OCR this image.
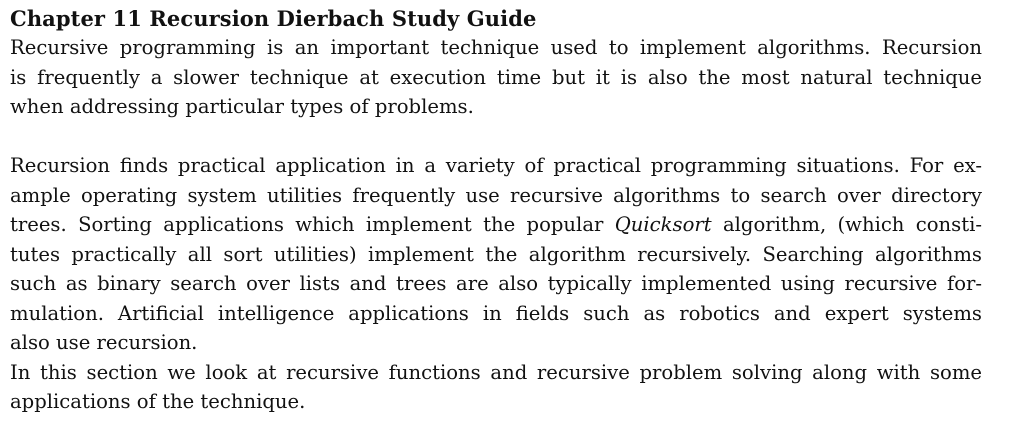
Chapter 11 Recursion Dierbach Study Guide

Recursive programming is an important technique used to implement algorithms. Recursion
is frequently a slower technique at execution time but it is also the most natural technique
when addressing particular types of problems.

Recursion finds practical application in a variety of practical programming situations. For ex-
ample operating system utilities frequently use recursive algorithms to search over directory
trees. Sorting applications which implement the popular Quicksort algorithm, (which consti-
tutes practically all sort utilities) implement the algorithm recursively. Searching algorithms
such as binary search over lists and trees are also typically implemented using recursive for-
mulation. Artificial intelligence applications in fields such as robotics and expert systems
also use recursion.

In this section we look at recursive functions and recursive problem solving along with some
applications of the technique.
